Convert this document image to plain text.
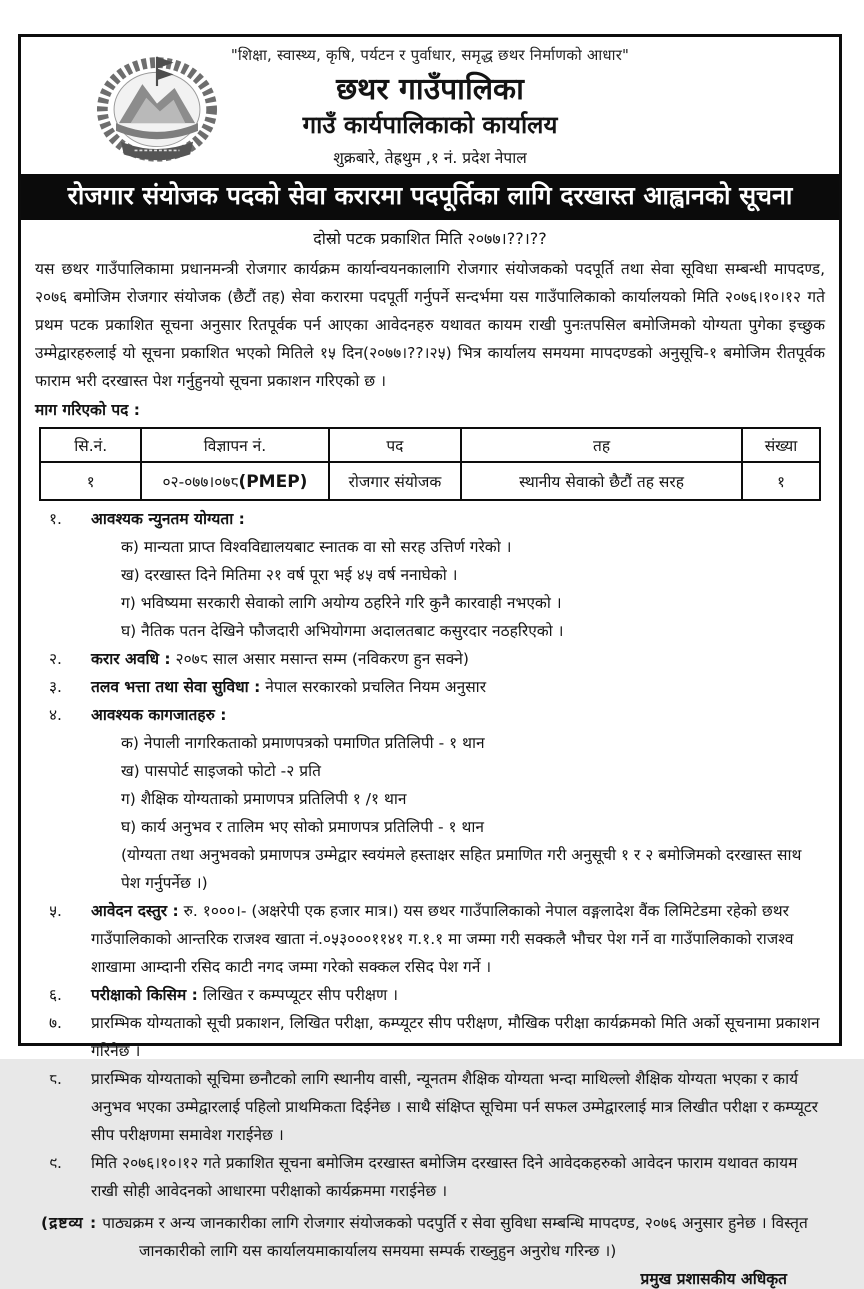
"शिक्षा, स्वास्थ्य, कृषि, पर्यटन र पुर्वाधार, समृद्ध छथर निर्माणको आधार"
छथर गाउँपालिका
गाउँ कार्यपालिकाको कार्यालय
शुक्रबारे, तेह्रथुम ,१ नं. प्रदेश नेपाल
रोजगार संयोजक पदको सेवा करारमा पदपूर्तिका लागि दरखास्त आह्वानको सूचना
दोस्रो पटक प्रकाशित मिति २०७७।??।??
यस छथर गाउँपालिकामा प्रधानमन्त्री रोजगार कार्यक्रम कार्यान्वयनकालागि रोजगार संयोजकको पदपूर्ति तथा सेवा सूविधा सम्बन्धी मापदण्ड, २०७६ बमोजिम रोजगार संयोजक (छैटौं तह) सेवा करारमा पदपूर्ती गर्नुपर्ने सन्दर्भमा यस गाउँपालिकाको कार्यालयको मिति २०७६।१०।१२ गते प्रथम पटक प्रकाशित सूचना अनुसार रितपूर्वक पर्न आएका आवेदनहरु यथावत कायम राखी पुनःतपसिल बमोजिमको योग्यता पुगेका इच्छुक उम्मेद्वारहरुलाई यो सूचना प्रकाशित भएको मितिले १५ दिन(२०७७।??।२५) भित्र कार्यालय समयमा मापदण्डको अनुसूचि-१ बमोजिम रीतपूर्वक फाराम भरी दरखास्त पेश गर्नुहुनयो सूचना प्रकाशन गरिएको छ ।
माग गरिएको पद :
सि.नं.	विज्ञापन नं.	पद	तह	संख्या
१	०२-०७७।०७८(PMEP)	रोजगार संयोजक	स्थानीय सेवाको छैटौं तह सरह	१
१.	आवश्यक न्युनतम योग्यता :
क) मान्यता प्राप्त विश्वविद्यालयबाट स्नातक वा सो सरह उत्तिर्ण गरेको ।
ख) दरखास्त दिने मितिमा २१ वर्ष पूरा भई ४५ वर्ष ननाघेको ।
ग) भविष्यमा सरकारी सेवाको लागि अयोग्य ठहरिने गरि कुनै कारवाही नभएको ।
घ) नैतिक पतन देखिने फौजदारी अभियोगमा अदालतबाट कसुरदार नठहरिएको ।
२.	करार अवधि : २०७८ साल असार मसान्त सम्म (नविकरण हुन सक्ने)
३.	तलव भत्ता तथा सेवा सुविधा : नेपाल सरकारको प्रचलित नियम अनुसार
४.	आवश्यक कागजातहरु :
क) नेपाली नागरिकताको प्रमाणपत्रको पमाणित प्रतिलिपी - १ थान
ख) पासपोर्ट साइजको फोटो -२ प्रति
ग) शैक्षिक योग्यताको प्रमाणपत्र प्रतिलिपी १ /१ थान
घ) कार्य अनुभव र तालिम भए सोको प्रमाणपत्र प्रतिलिपी - १ थान
(योग्यता तथा अनुभवको प्रमाणपत्र उम्मेद्वार स्वयंमले हस्ताक्षर सहित प्रमाणित गरी अनुसूची १ र २ बमोजिमको दरखास्त साथ पेश गर्नुपर्नेछ ।)
५.	आवेदन दस्तुर : रु. १०००।- (अक्षरेपी एक हजार मात्र।) यस छथर गाउँपालिकाको नेपाल वङ्गलादेश वैंक लिमिटेडमा रहेको छथर गाउँपालिकाको आन्तरिक राजश्व खाता नं.०५३०००११४१ ग.१.१ मा जम्मा गरी सक्कलै भौचर पेश गर्ने वा गाउँपालिकाको राजश्व शाखामा आम्दानी रसिद काटी नगद जम्मा गरेको सक्कल रसिद पेश गर्ने ।
६.	परीक्षाको किसिम : लिखित र कम्पप्यूटर सीप परीक्षण ।
७.	प्रारम्भिक योग्यताको सूची प्रकाशन, लिखित परीक्षा, कम्प्यूटर सीप परीक्षण, मौखिक परीक्षा कार्यक्रमको मिति अर्को सूचनामा प्रकाशन गरिनेछ ।
८.	प्रारम्भिक योग्यताको सूचिमा छनौटको लागि स्थानीय वासी, न्यूनतम शैक्षिक योग्यता भन्दा माथिल्लो शैक्षिक योग्यता भएका र कार्य अनुभव भएका उम्मेद्वारलाई पहिलो प्राथमिकता दिईनेछ । साथै संक्षिप्त सूचिमा पर्न सफल उम्मेद्वारलाई मात्र लिखीत परीक्षा र कम्प्यूटर सीप परीक्षणमा समावेश गराईनेछ ।
९.	मिति २०७६।१०।१२ गते प्रकाशित सूचना बमोजिम दरखास्त बमोजिम दरखास्त दिने आवेदकहरुको आवेदन फाराम यथावत कायम राखी सोही आवेदनको आधारमा परीक्षाको कार्यक्रममा गराईनेछ ।
(द्रष्टव्य : पाठ्यक्रम र अन्य जानकारीका लागि रोजगार संयोजकको पदपुर्ति र सेवा सुविधा सम्बन्धि मापदण्ड, २०७६ अनुसार हुनेछ । विस्तृत जानकारीको लागि यस कार्यालयमाकार्यालय समयमा सम्पर्क राख्नुहुन अनुरोध गरिन्छ ।)
प्रमुख प्रशासकीय अधिकृत
